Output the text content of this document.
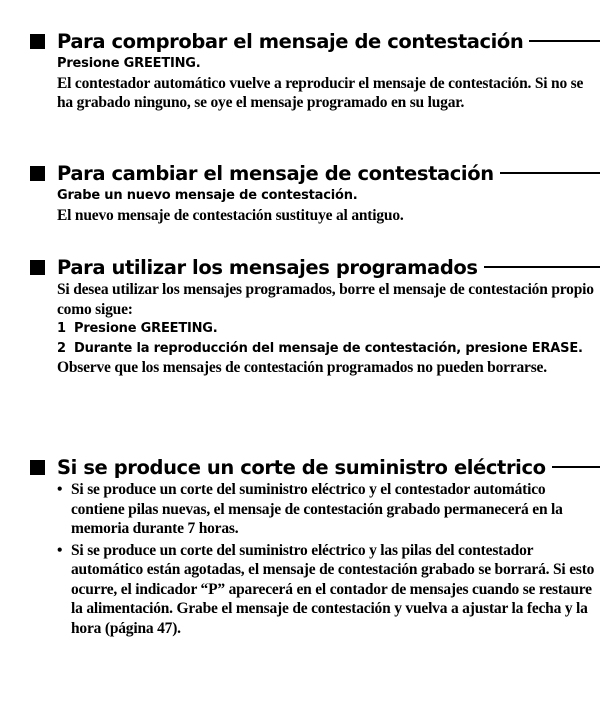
Para comprobar el mensaje de contestación
Presione GREETING.
El contestador automático vuelve a reproducir el mensaje de contestación. Si no se ha grabado ninguno, se oye el mensaje programado en su lugar.
Para cambiar el mensaje de contestación
Grabe un nuevo mensaje de contestación.
El nuevo mensaje de contestación sustituye al antiguo.
Para utilizar los mensajes programados
Si desea utilizar los mensajes programados, borre el mensaje de contestación propio como sigue:
1 Presione GREETING.
2 Durante la reproducción del mensaje de contestación, presione ERASE.
Observe que los mensajes de contestación programados no pueden borrarse.
Si se produce un corte de suministro eléctrico
• Si se produce un corte del suministro eléctrico y el contestador automático contiene pilas nuevas, el mensaje de contestación grabado permanecerá en la memoria durante 7 horas.
• Si se produce un corte del suministro eléctrico y las pilas del contestador automático están agotadas, el mensaje de contestación grabado se borrará. Si esto ocurre, el indicador “P” aparecerá en el contador de mensajes cuando se restaure la alimentación. Grabe el mensaje de contestación y vuelva a ajustar la fecha y la hora (página 47).
